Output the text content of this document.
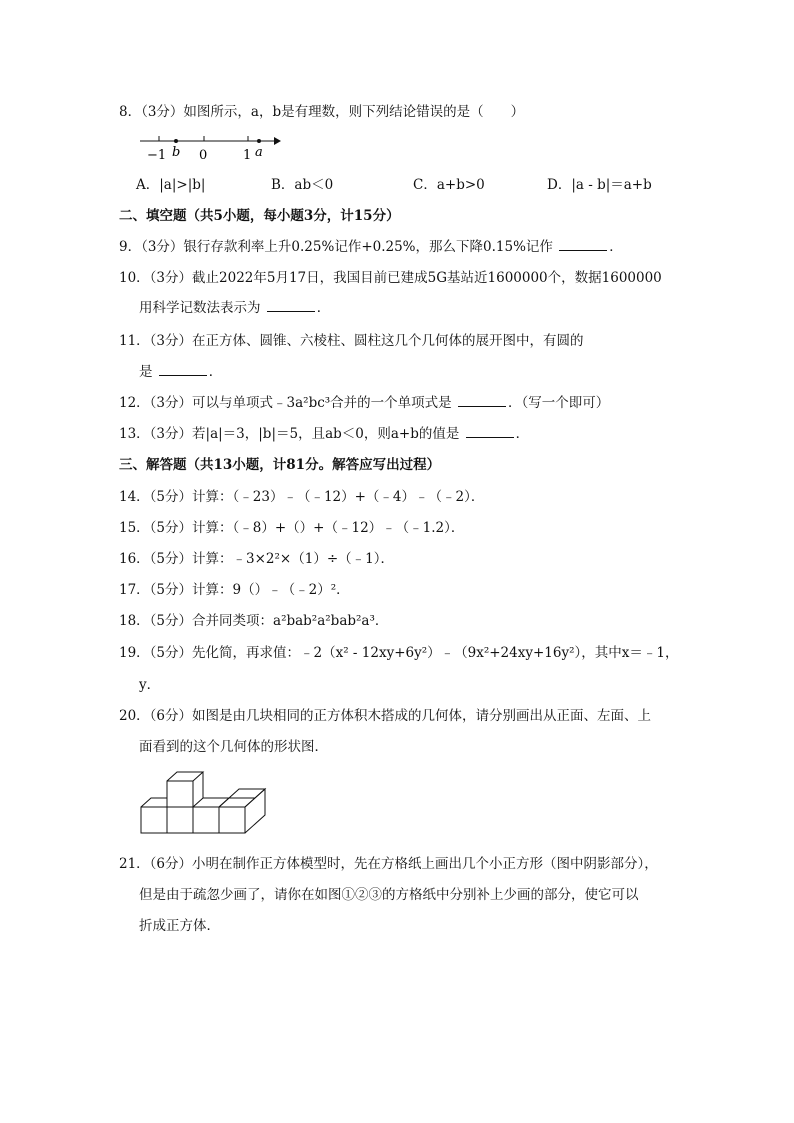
8．（3分）如图所示，a，b是有理数，则下列结论错误的是（　　）
−1 b 0	1 a
A．|a|>|b|	B．ab＜0	C．a+b>0	D．|a - b|＝a+b
二、填空题（共5小题，每小题3分，计15分）
9．（3分）银行存款利率上升0.25%记作+0.25%，那么下降0.15%记作	．
10．（3分）截止2022年5月17日，我国目前已建成5G基站近1600000个，数据1600000
用科学记数法表示为	．
11．（3分）在正方体、圆锥、六棱柱、圆柱这几个几何体的展开图中，有圆的
是	．
12．（3分）可以与单项式﹣3a²bc³合并的一个单项式是	．（写一个即可）
13．（3分）若|a|＝3，|b|＝5，且ab＜0，则a+b的值是	．
三、解答题（共13小题，计81分。解答应写出过程）
14．（5分）计算：（﹣23）﹣（﹣12）+（﹣4）﹣（﹣2）．
15．（5分）计算：（﹣8）+（）+（﹣12）﹣（﹣1.2）．
16．（5分）计算：﹣3×2²×（1）÷（﹣1）．
17．（5分）计算：9（）﹣（﹣2）²．
18．（5分）合并同类项：a²bab²a²bab²a³．
19．（5分）先化简，再求值：﹣2（x² - 12xy+6y²）﹣（9x²+24xy+16y²），其中x＝﹣1，
y．
20．（6分）如图是由几块相同的正方体积木搭成的几何体，请分别画出从正面、左面、上
面看到的这个几何体的形状图．
21．（6分）小明在制作正方体模型时，先在方格纸上画出几个小正方形（图中阴影部分），
但是由于疏忽少画了，请你在如图①②③的方格纸中分别补上少画的部分，使它可以
折成正方体．
